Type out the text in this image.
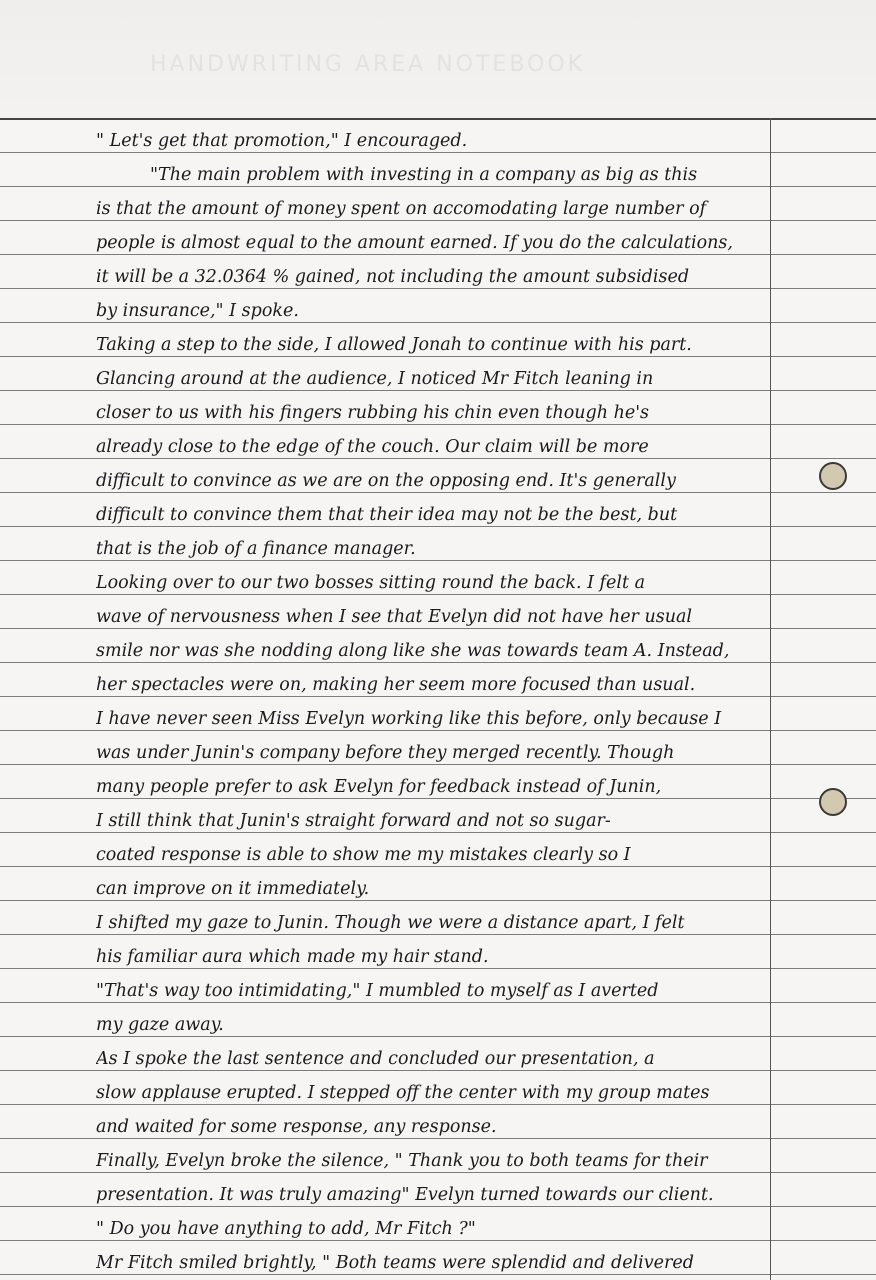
HANDWRITING AREA NOTEBOOK
" Let's get that promotion," I encouraged.
"The main problem with investing in a company as big as this
is that the amount of money spent on accomodating large number of
people is almost equal to the amount earned. If you do the calculations,
it will be a 32.0364 % gained, not including the amount subsidised
by insurance," I spoke.
Taking a step to the side, I allowed Jonah to continue with his part.
Glancing around at the audience, I noticed Mr Fitch leaning in
closer to us with his fingers rubbing his chin even though he's
already close to the edge of the couch. Our claim will be more
difficult to convince as we are on the opposing end. It's generally
difficult to convince them that their idea may not be the best, but
that is the job of a finance manager.
Looking over to our two bosses sitting round the back. I felt a
wave of nervousness when I see that Evelyn did not have her usual
smile nor was she nodding along like she was towards team A. Instead,
her spectacles were on, making her seem more focused than usual.
I have never seen Miss Evelyn working like this before, only because I
was under Junin's company before they merged recently. Though
many people prefer to ask Evelyn for feedback instead of Junin,
I still think that Junin's straight forward and not so sugar-
coated response is able to show me my mistakes clearly so I
can improve on it immediately.
I shifted my gaze to Junin. Though we were a distance apart, I felt
his familiar aura which made my hair stand.
"That's way too intimidating," I mumbled to myself as I averted
my gaze away.
As I spoke the last sentence and concluded our presentation, a
slow applause erupted. I stepped off the center with my group mates
and waited for some response, any response.
Finally, Evelyn broke the silence, " Thank you to both teams for their
presentation. It was truly amazing" Evelyn turned towards our client.
" Do you have anything to add, Mr Fitch ?"
Mr Fitch smiled brightly, " Both teams were splendid and delivered
